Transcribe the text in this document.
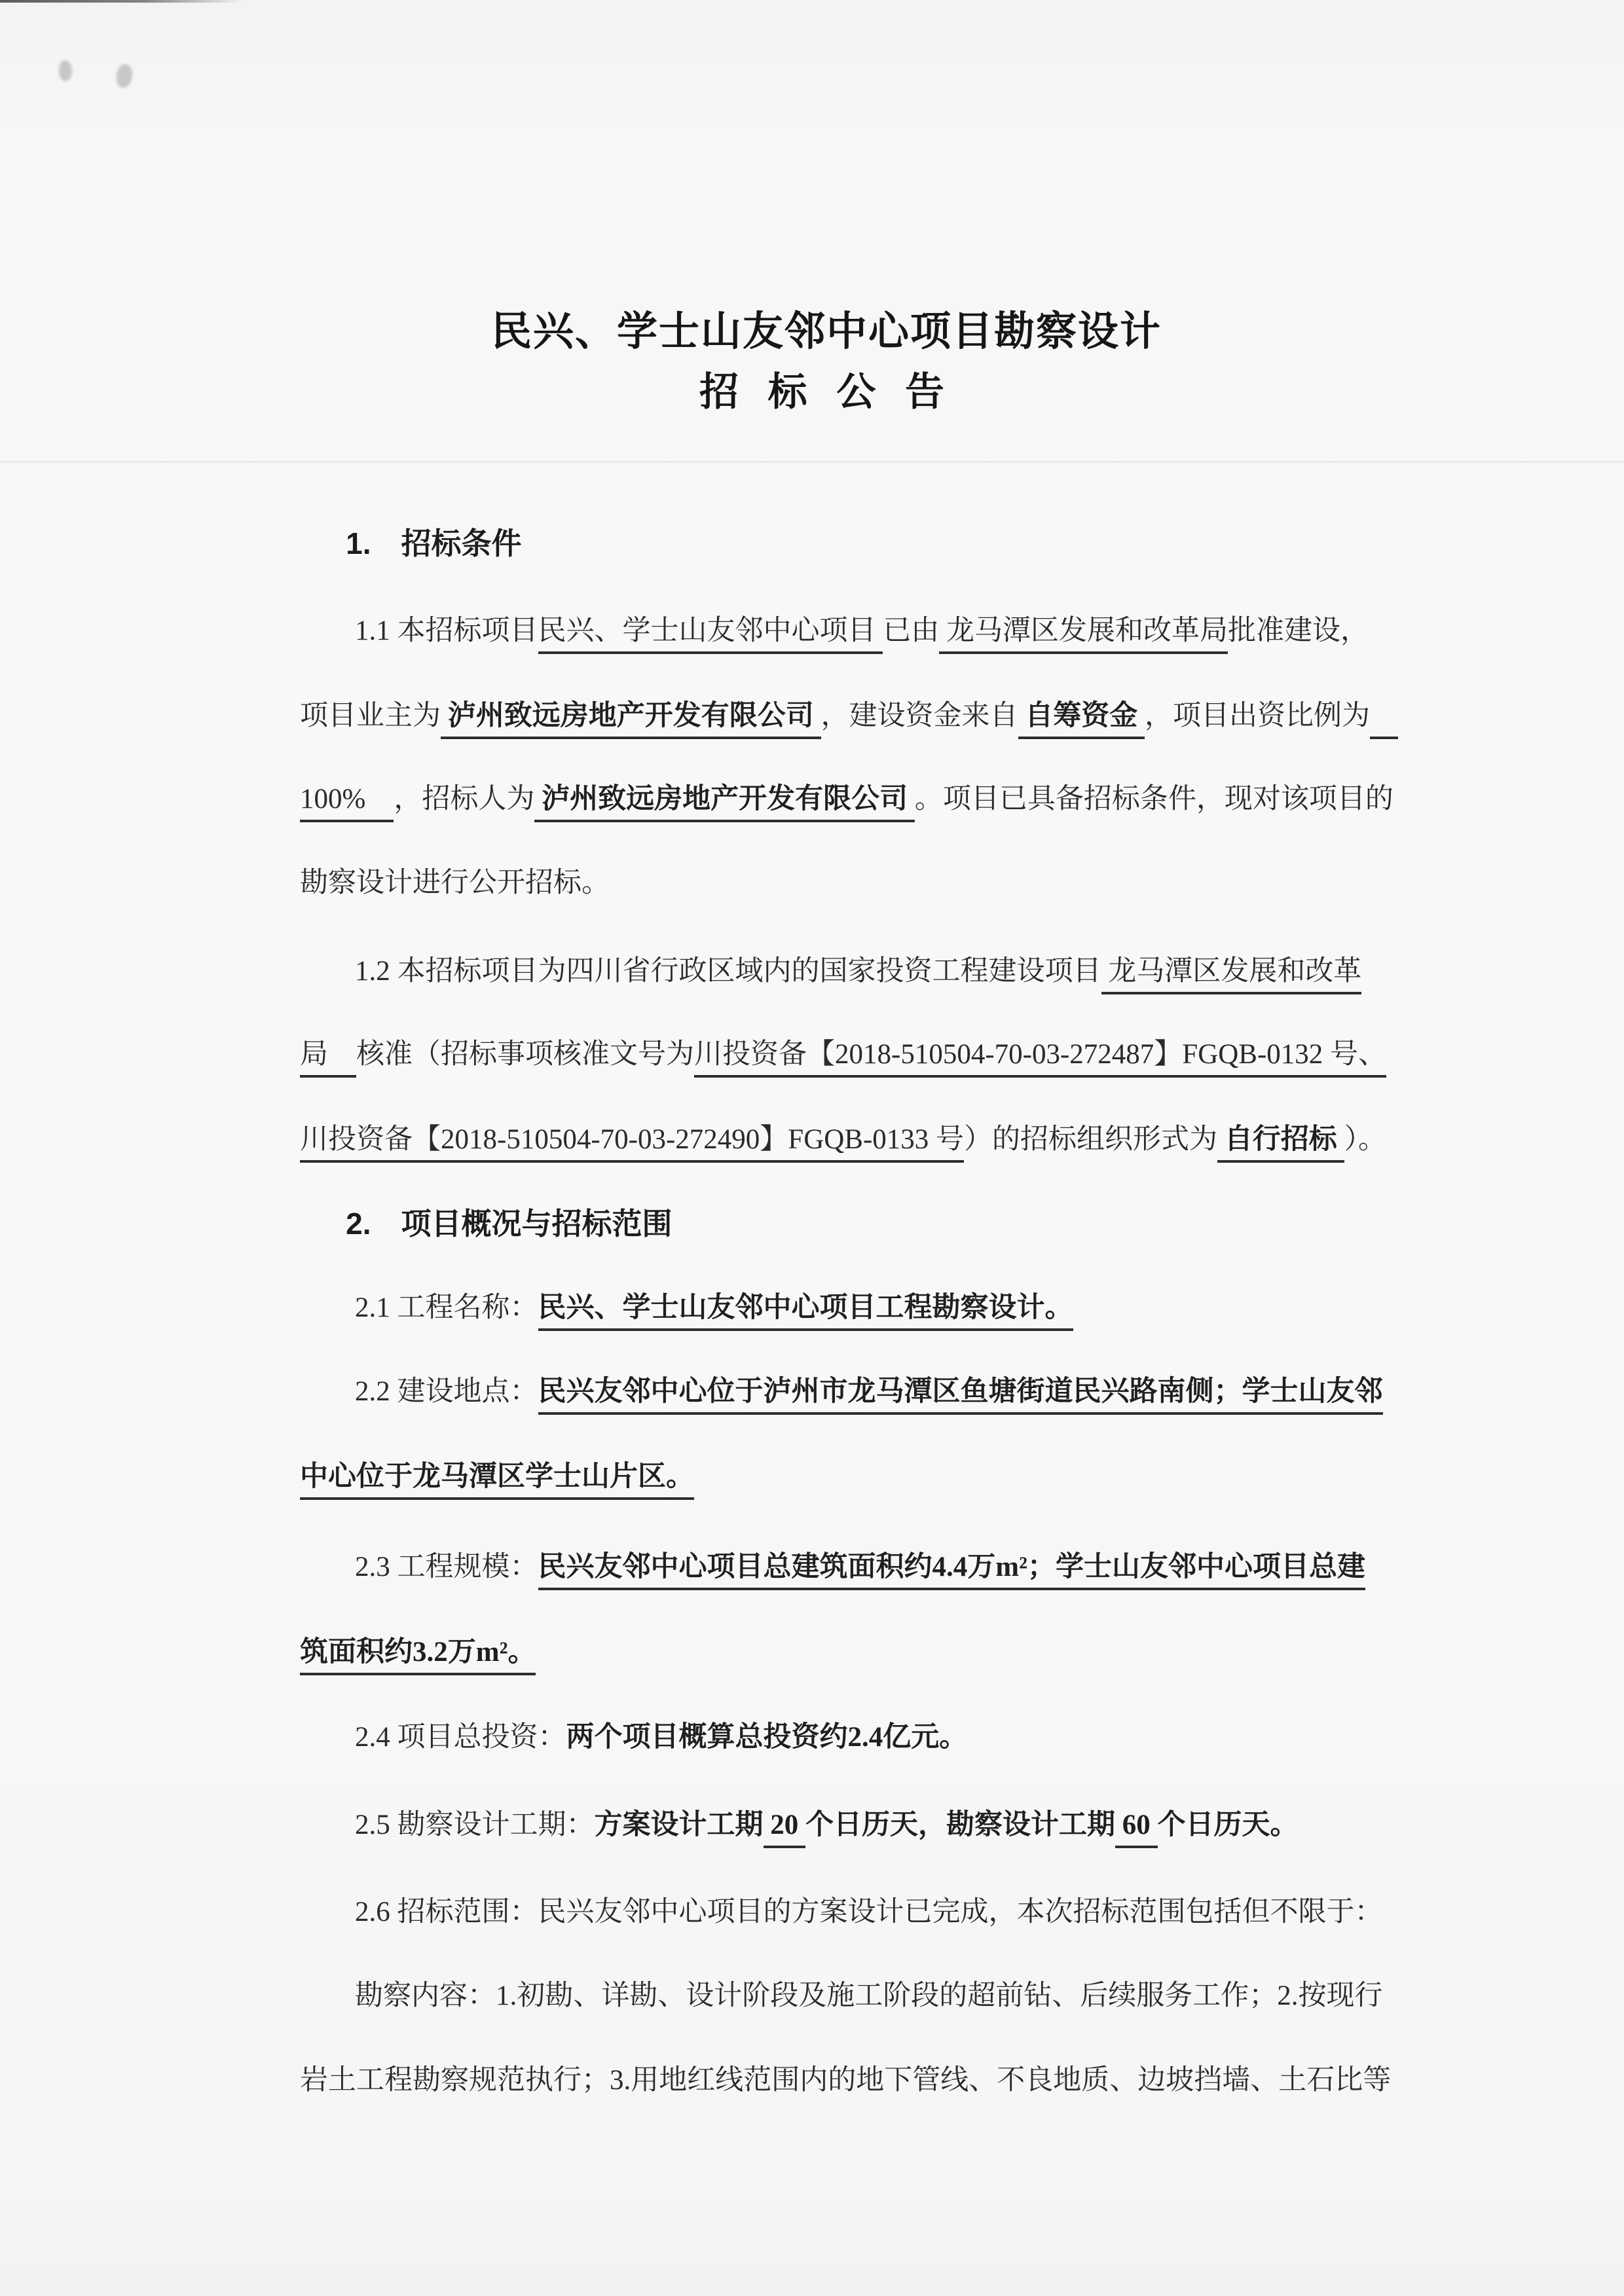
民兴、学士山友邻中心项目勘察设计
招 标 公 告

1.　招标条件

1.1 本招标项目民兴、学士山友邻中心项目 已由 龙马潭区发展和改革局批准建设，

项目业主为 泸州致远房地产开发有限公司 ，建设资金来自 自筹资金 ，项目出资比例为　

100%　，招标人为 泸州致远房地产开发有限公司 。项目已具备招标条件，现对该项目的

勘察设计进行公开招标。

1.2 本招标项目为四川省行政区域内的国家投资工程建设项目 龙马潭区发展和改革

局　核准（招标事项核准文号为川投资备【2018-510504-70-03-272487】FGQB-0132 号、

川投资备【2018-510504-70-03-272490】FGQB-0133 号）的招标组织形式为 自行招标 ）。

2.　项目概况与招标范围

2.1 工程名称：民兴、学士山友邻中心项目工程勘察设计。

2.2 建设地点：民兴友邻中心位于泸州市龙马潭区鱼塘街道民兴路南侧；学士山友邻

中心位于龙马潭区学士山片区。

2.3 工程规模：民兴友邻中心项目总建筑面积约4.4万m²；学士山友邻中心项目总建

筑面积约3.2万m²。

2.4 项目总投资：两个项目概算总投资约2.4亿元。

2.5 勘察设计工期：方案设计工期 20 个日历天，勘察设计工期 60 个日历天。

2.6 招标范围：民兴友邻中心项目的方案设计已完成，本次招标范围包括但不限于：

勘察内容：1.初勘、详勘、设计阶段及施工阶段的超前钻、后续服务工作；2.按现行

岩土工程勘察规范执行；3.用地红线范围内的地下管线、不良地质、边坡挡墙、土石比等
